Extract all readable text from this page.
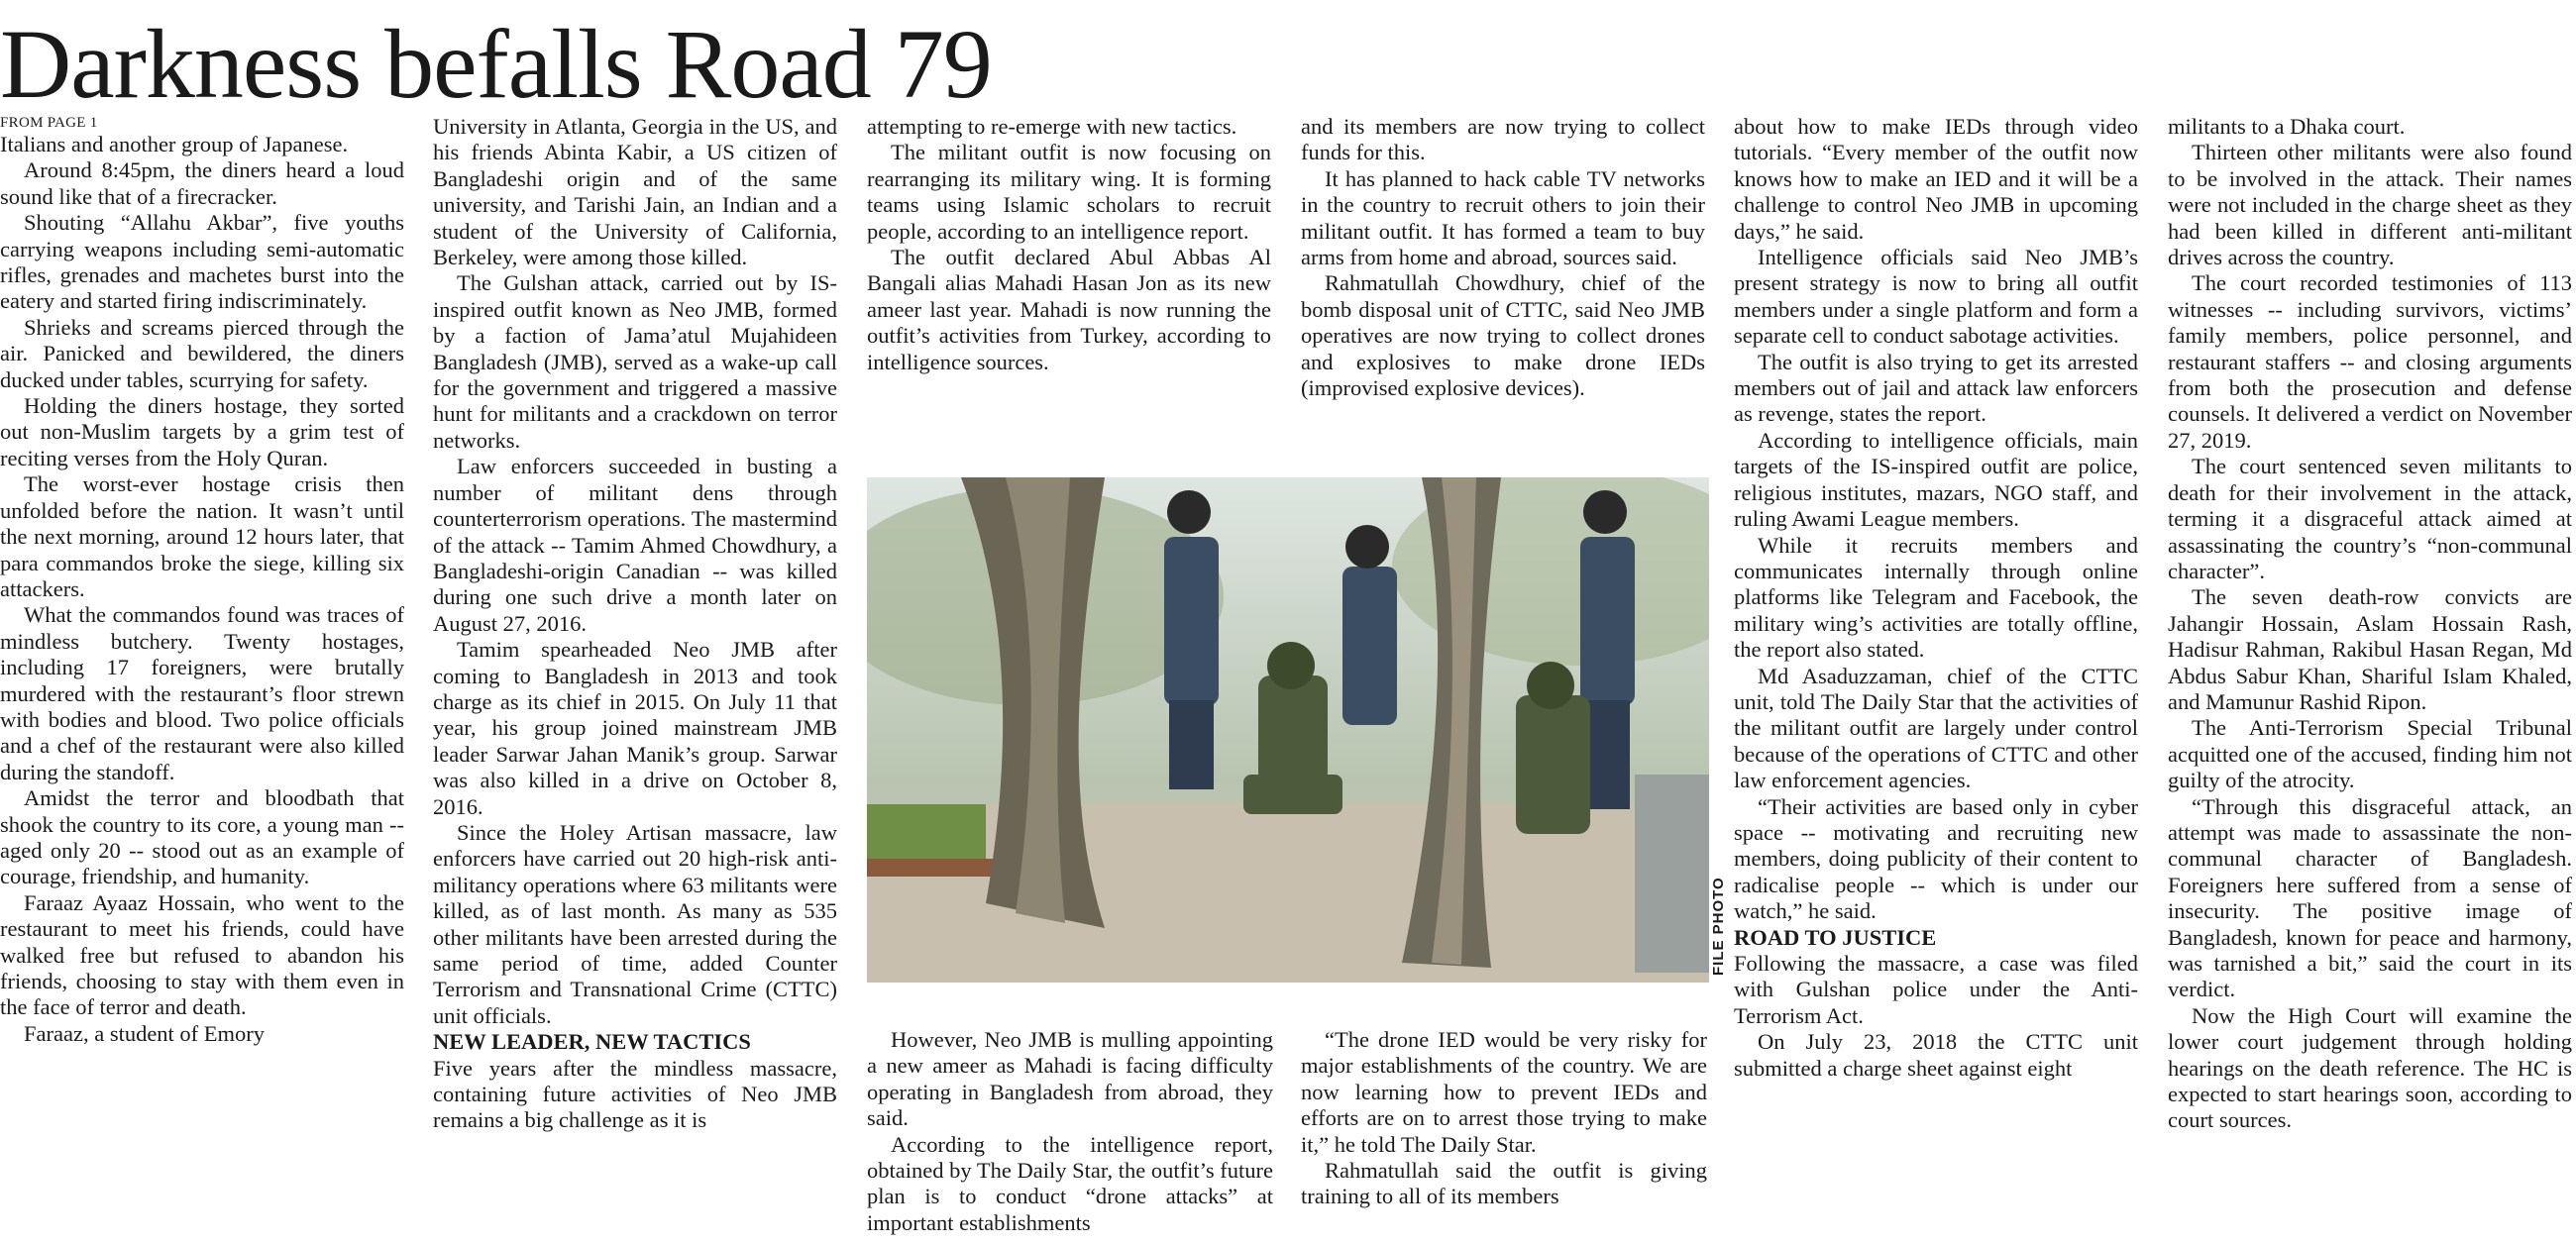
Darkness befalls Road 79

FROM PAGE 1

Italians and another group of Japanese.

Around 8:45pm, the diners heard a loud sound like that of a firecracker.

Shouting “Allahu Akbar”, five youths carrying weapons including semi-automatic rifles, grenades and machetes burst into the eatery and started firing indiscriminately.

Shrieks and screams pierced through the air. Panicked and bewildered, the diners ducked under tables, scurrying for safety.

Holding the diners hostage, they sorted out non-Muslim targets by a grim test of reciting verses from the Holy Quran.

The worst-ever hostage crisis then unfolded before the nation. It wasn’t until the next morning, around 12 hours later, that para commandos broke the siege, killing six attackers.

What the commandos found was traces of mindless butchery. Twenty hostages, including 17 foreigners, were brutally murdered with the restaurant’s floor strewn with bodies and blood. Two police officials and a chef of the restaurant were also killed during the standoff.

Amidst the terror and bloodbath that shook the country to its core, a young man -- aged only 20 -- stood out as an example of courage, friendship, and humanity.

Faraaz Ayaaz Hossain, who went to the restaurant to meet his friends, could have walked free but refused to abandon his friends, choosing to stay with them even in the face of terror and death.

Faraaz, a student of Emory

University in Atlanta, Georgia in the US, and his friends Abinta Kabir, a US citizen of Bangladeshi origin and of the same university, and Tarishi Jain, an Indian and a student of the University of California, Berkeley, were among those killed.

The Gulshan attack, carried out by IS-inspired outfit known as Neo JMB, formed by a faction of Jama’atul Mujahideen Bangladesh (JMB), served as a wake-up call for the government and triggered a massive hunt for militants and a crackdown on terror networks.

Law enforcers succeeded in busting a number of militant dens through counterterrorism operations. The mastermind of the attack -- Tamim Ahmed Chowdhury, a Bangladeshi-origin Canadian -- was killed during one such drive a month later on August 27, 2016.

Tamim spearheaded Neo JMB after coming to Bangladesh in 2013 and took charge as its chief in 2015. On July 11 that year, his group joined mainstream JMB leader Sarwar Jahan Manik’s group. Sarwar was also killed in a drive on October 8, 2016.

Since the Holey Artisan massacre, law enforcers have carried out 20 high-risk anti-militancy operations where 63 militants were killed, as of last month. As many as 535 other militants have been arrested during the same period of time, added Counter Terrorism and Transnational Crime (CTTC) unit officials.

NEW LEADER, NEW TACTICS

Five years after the mindless massacre, containing future activities of Neo JMB remains a big challenge as it is

attempting to re-emerge with new tactics.

The militant outfit is now focusing on rearranging its military wing. It is forming teams using Islamic scholars to recruit people, according to an intelligence report.

The outfit declared Abul Abbas Al Bangali alias Mahadi Hasan Jon as its new ameer last year. Mahadi is now running the outfit’s activities from Turkey, according to intelligence sources.

and its members are now trying to collect funds for this.

It has planned to hack cable TV networks in the country to recruit others to join their militant outfit. It has formed a team to buy arms from home and abroad, sources said.

Rahmatullah Chowdhury, chief of the bomb disposal unit of CTTC, said Neo JMB operatives are now trying to collect drones and explosives to make drone IEDs (improvised explosive devices).

FILE PHOTO

However, Neo JMB is mulling appointing a new ameer as Mahadi is facing difficulty operating in Bangladesh from abroad, they said.

According to the intelligence report, obtained by The Daily Star, the outfit’s future plan is to conduct “drone attacks” at important establishments

“The drone IED would be very risky for major establishments of the country. We are now learning how to prevent IEDs and efforts are on to arrest those trying to make it,” he told The Daily Star.

Rahmatullah said the outfit is giving training to all of its members

about how to make IEDs through video tutorials. “Every member of the outfit now knows how to make an IED and it will be a challenge to control Neo JMB in upcoming days,” he said.

Intelligence officials said Neo JMB’s present strategy is now to bring all outfit members under a single platform and form a separate cell to conduct sabotage activities.

The outfit is also trying to get its arrested members out of jail and attack law enforcers as revenge, states the report.

According to intelligence officials, main targets of the IS-inspired outfit are police, religious institutes, mazars, NGO staff, and ruling Awami League members.

While it recruits members and communicates internally through online platforms like Telegram and Facebook, the military wing’s activities are totally offline, the report also stated.

Md Asaduzzaman, chief of the CTTC unit, told The Daily Star that the activities of the militant outfit are largely under control because of the operations of CTTC and other law enforcement agencies.

“Their activities are based only in cyber space -- motivating and recruiting new members, doing publicity of their content to radicalise people -- which is under our watch,” he said.

ROAD TO JUSTICE

Following the massacre, a case was filed with Gulshan police under the Anti-Terrorism Act.

On July 23, 2018 the CTTC unit submitted a charge sheet against eight

militants to a Dhaka court.

Thirteen other militants were also found to be involved in the attack. Their names were not included in the charge sheet as they had been killed in different anti-militant drives across the country.

The court recorded testimonies of 113 witnesses -- including survivors, victims’ family members, police personnel, and restaurant staffers -- and closing arguments from both the prosecution and defense counsels. It delivered a verdict on November 27, 2019.

The court sentenced seven militants to death for their involvement in the attack, terming it a disgraceful attack aimed at assassinating the country’s “non-communal character”.

The seven death-row convicts are Jahangir Hossain, Aslam Hossain Rash, Hadisur Rahman, Rakibul Hasan Regan, Md Abdus Sabur Khan, Shariful Islam Khaled, and Mamunur Rashid Ripon.

The Anti-Terrorism Special Tribunal acquitted one of the accused, finding him not guilty of the atrocity.

“Through this disgraceful attack, an attempt was made to assassinate the non-communal character of Bangladesh. Foreigners here suffered from a sense of insecurity. The positive image of Bangladesh, known for peace and harmony, was tarnished a bit,” said the court in its verdict.

Now the High Court will examine the lower court judgement through holding hearings on the death reference. The HC is expected to start hearings soon, according to court sources.
